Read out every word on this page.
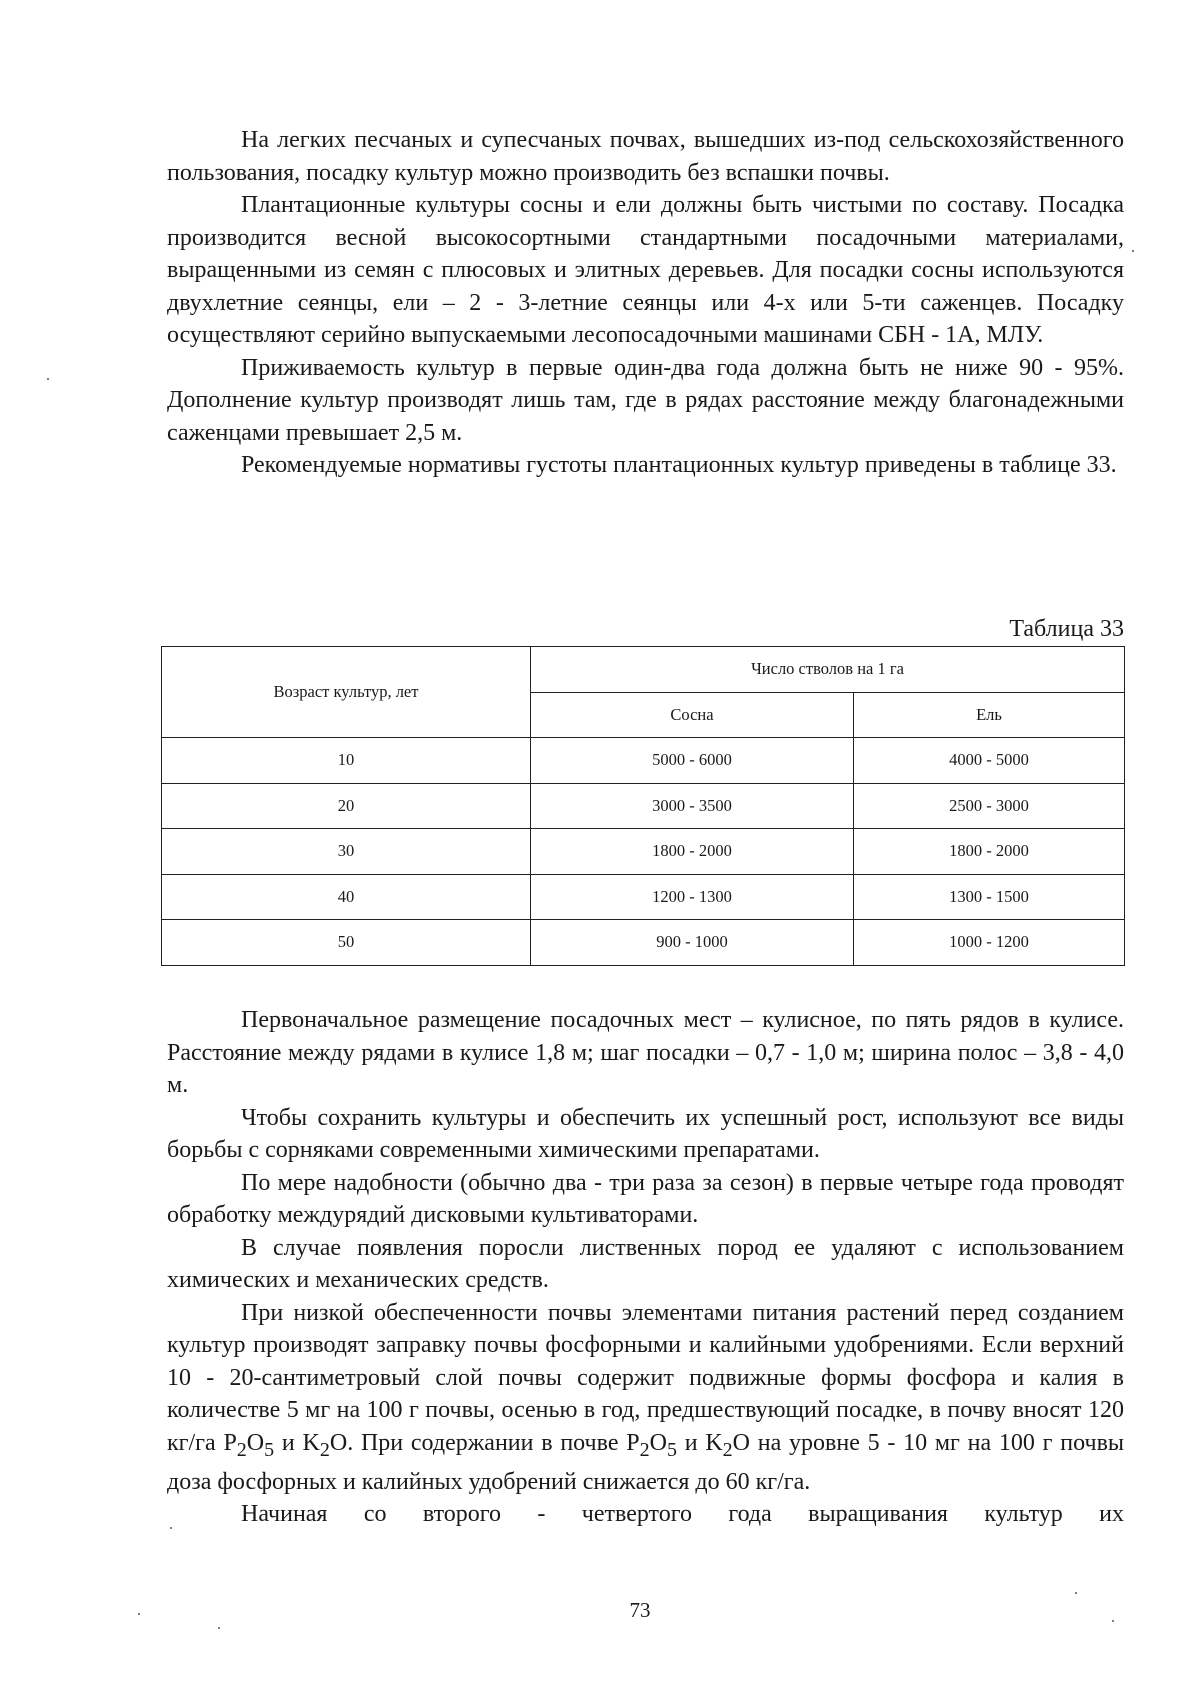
На легких песчаных и супесчаных почвах, вышедших из-под сельскохозяйственного пользования, посадку культур можно производить без вспашки почвы.

Плантационные культуры сосны и ели должны быть чистыми по составу. Посадка производится весной высокосортными стандартными посадочными материалами, выращенными из семян с плюсовых и элитных деревьев. Для посадки сосны используются двухлетние сеянцы, ели – 2 - 3-летние сеянцы или 4-х или 5-ти саженцев. Посадку осуществляют серийно выпускаемыми лесопосадочными машинами СБН - 1А, МЛУ.

Приживаемость культур в первые один-два года должна быть не ниже 90 - 95%. Дополнение культур производят лишь там, где в рядах расстояние между благонадежными саженцами превышает 2,5 м.

Рекомендуемые нормативы густоты плантационных культур приведены в таблице 33.

Таблица 33
Возраст культур, лет	Число стволов на 1 га	
	Сосна	Ель
10	5000 - 6000	4000 - 5000
20	3000 - 3500	2500 - 3000
30	1800 - 2000	1800 - 2000
40	1200 - 1300	1300 - 1500
50	900 - 1000	1000 - 1200

Первоначальное размещение посадочных мест – кулисное, по пять рядов в кулисе. Расстояние между рядами в кулисе 1,8 м; шаг посадки – 0,7 - 1,0 м; ширина полос – 3,8 - 4,0 м.

Чтобы сохранить культуры и обеспечить их успешный рост, используют все виды борьбы с сорняками современными химическими препаратами.

По мере надобности (обычно два - три раза за сезон) в первые четыре года проводят обработку междурядий дисковыми культиваторами.

В случае появления поросли лиственных пород ее удаляют с использованием химических и механических средств.

При низкой обеспеченности почвы элементами питания растений перед созданием культур производят заправку почвы фосфорными и калийными удобрениями. Если верхний 10 - 20-сантиметровый слой почвы содержит подвижные формы фосфора и калия в количестве 5 мг на 100 г почвы, осенью в год, предшествующий посадке, в почву вносят 120 кг/га $P_2O_5$ и $K_2O$. При содержании в почве $P_2O_5$ и $K_2O$ на уровне 5 - 10 мг на 100 г почвы доза фосфорных и калийных удобрений снижается до 60 кг/га.

Начиная со второго - четвертого года выращивания культур их

73
